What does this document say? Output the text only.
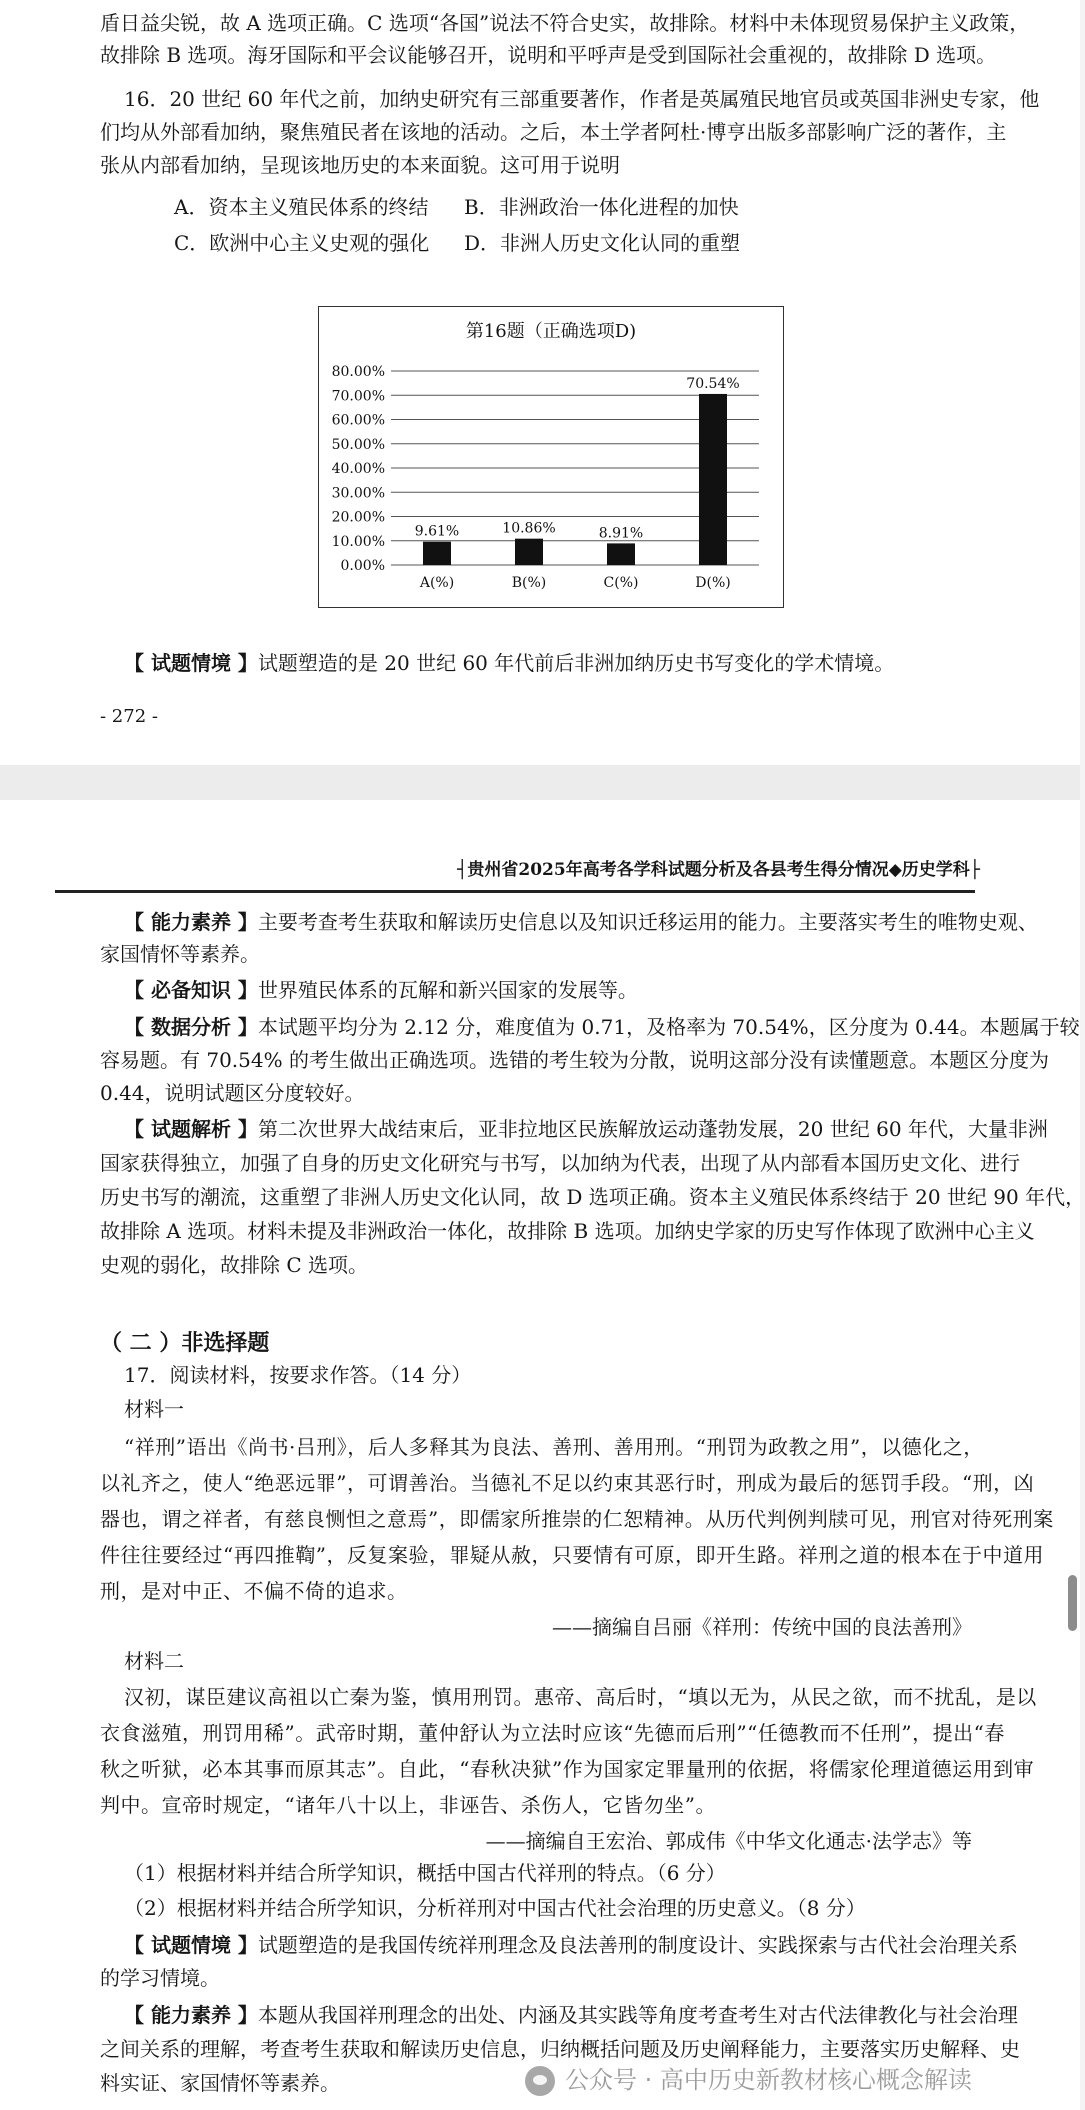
盾日益尖锐，故 A 选项正确。C 选项“各国”说法不符合史实，故排除。材料中未体现贸易保护主义政策，
故排除 B 选项。海牙国际和平会议能够召开，说明和平呼声是受到国际社会重视的，故排除 D 选项。
16．20 世纪 60 年代之前，加纳史研究有三部重要著作，作者是英属殖民地官员或英国非洲史专家，他
们均从外部看加纳，聚焦殖民者在该地的活动。之后，本土学者阿杜·博亨出版多部影响广泛的著作，主
张从内部看加纳，呈现该地历史的本来面貌。这可用于说明
A．资本主义殖民体系的终结 B．非洲政治一体化进程的加快
C．欧洲中心主义史观的强化 D．非洲人历史文化认同的重塑
第16题（正确选项D)
0.00%
10.00%
20.00%
30.00%
40.00%
50.00%
60.00%
70.00%
80.00%
9.61%	10.86%	8.91%
70.54%
A(%)	B(%)	C(%)	D(%)
【 试题情境 】试题塑造的是 20 世纪 60 年代前后非洲加纳历史书写变化的学术情境。
- 272 -
┤贵州省2025年高考各学科试题分析及各县考生得分情况◆历史学科├
【 能力素养 】主要考查考生获取和解读历史信息以及知识迁移运用的能力。主要落实考生的唯物史观、
家国情怀等素养。
【 必备知识 】世界殖民体系的瓦解和新兴国家的发展等。
【 数据分析 】本试题平均分为 2.12 分，难度值为 0.71，及格率为 70.54%，区分度为 0.44。本题属于较
容易题。有 70.54% 的考生做出正确选项。选错的考生较为分散，说明这部分没有读懂题意。本题区分度为
0.44，说明试题区分度较好。
【 试题解析 】第二次世界大战结束后，亚非拉地区民族解放运动蓬勃发展，20 世纪 60 年代，大量非洲
国家获得独立，加强了自身的历史文化研究与书写，以加纳为代表，出现了从内部看本国历史文化、进行
历史书写的潮流，这重塑了非洲人历史文化认同，故 D 选项正确。资本主义殖民体系终结于 20 世纪 90 年代，
故排除 A 选项。材料未提及非洲政治一体化，故排除 B 选项。加纳史学家的历史写作体现了欧洲中心主义
史观的弱化，故排除 C 选项。
（ 二 ）非选择题
17．阅读材料，按要求作答。（14 分）
材料一
“祥刑”语出《尚书·吕刑》，后人多释其为良法、善刑、善用刑。“刑罚为政教之用”，以德化之，
以礼齐之，使人“绝恶远罪”，可谓善治。当德礼不足以约束其恶行时，刑成为最后的惩罚手段。“刑，凶
器也，谓之祥者，有慈良恻怛之意焉”，即儒家所推崇的仁恕精神。从历代判例判牍可见，刑官对待死刑案
件往往要经过“再四推鞫”，反复案验，罪疑从赦，只要情有可原，即开生路。祥刑之道的根本在于中道用
刑，是对中正、不偏不倚的追求。
——摘编自吕丽《祥刑：传统中国的良法善刑》
材料二
汉初，谋臣建议高祖以亡秦为鉴，慎用刑罚。惠帝、高后时，“填以无为，从民之欲，而不扰乱，是以
衣食滋殖，刑罚用稀”。武帝时期，董仲舒认为立法时应该“先德而后刑”“任德教而不任刑”，提出“春
秋之听狱，必本其事而原其志”。自此，“春秋决狱”作为国家定罪量刑的依据，将儒家伦理道德运用到审
判中。宣帝时规定，“诸年八十以上，非诬告、杀伤人，它皆勿坐”。
——摘编自王宏治、郭成伟《中华文化通志·法学志》等
（1）根据材料并结合所学知识，概括中国古代祥刑的特点。（6 分）
（2）根据材料并结合所学知识，分析祥刑对中国古代社会治理的历史意义。（8 分）
【 试题情境 】试题塑造的是我国传统祥刑理念及良法善刑的制度设计、实践探索与古代社会治理关系
的学习情境。
【 能力素养 】本题从我国祥刑理念的出处、内涵及其实践等角度考查考生对古代法律教化与社会治理
之间关系的理解，考查考生获取和解读历史信息，归纳概括问题及历史阐释能力，主要落实历史解释、史
料实证、家国情怀等素养。	公众号 · 高中历史新教材核心概念解读
